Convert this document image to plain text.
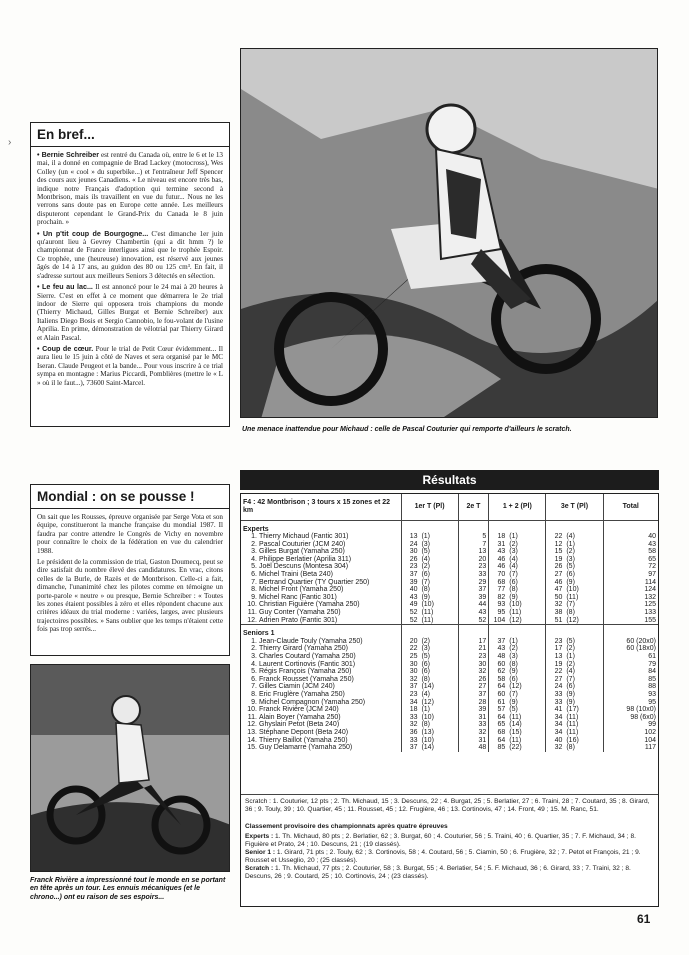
›
En bref...

• Bernie Schreiber est rentré du Canada où, entre le 6 et le 13 mai, il a donné en compagnie de Brad Lackey (motocross), Wes Colley (un « cool » du superbike...) et l'entraîneur Jeff Spencer des cours aux jeunes Canadiens. « Le niveau est encore très bas, indique notre Français d'adoption qui termine second à Montbrison, mais ils travaillent en vue du futur... Nous ne les verrons sans doute pas en Europe cette année. Les meilleurs disputeront cependant le Grand-Prix du Canada le 8 juin prochain. »

• Un p'tit coup de Bourgogne... C'est dimanche 1er juin qu'auront lieu à Gevrey Chambertin (qui a dit hmm ?) le championnat de France interligues ainsi que le trophée Espoir. Ce trophée, une (heureuse) innovation, est réservé aux jeunes âgés de 14 à 17 ans, au guidon des 80 ou 125 cm³. En fait, il s'adresse surtout aux meilleurs Seniors 3 détectés en sélection.

• Le feu au lac... Il est annoncé pour le 24 mai à 20 heures à Sierre. C'est en effet à ce moment que démarrera le 2e trial indoor de Sierre qui opposera trois champions du monde (Thierry Michaud, Gilles Burgat et Bernie Schreiber) aux Italiens Diego Bosis et Sergio Cannobio, le fou-volant de l'usine Aprilia. En prime, démonstration de vélotrial par Thierry Girard et Alain Pascal.

• Coup de cœur. Pour le trial de Petit Cœur évidemment... Il aura lieu le 15 juin à côté de Naves et sera organisé par le MC Iseran. Claude Peugeot et la bande... Pour vous inscrire à ce trial sympa en montagne : Marius Piccardi, Pomblières (mettre le « L » où il le faut...), 73600 Saint-Marcel.

Mondial : on se pousse !

On sait que les Rousses, épreuve organisée par Serge Vota et son équipe, constitueront la manche française du mondial 1987. Il faudra par contre attendre le Congrès de Vichy en novembre pour connaître le choix de la fédération en vue du calendrier 1988.

Le président de la commission de trial, Gaston Doumecq, peut se dire satisfait du nombre élevé des candidatures. En vrac, citons celles de la Burle, de Razès et de Montbrison. Celle-ci a fait, dimanche, l'unanimité chez les pilotes comme en témoigne un porte-parole « neutre » ou presque, Bernie Schreiber : « Toutes les zones étaient possibles à zéro et elles répondent chacune aux critères idéaux du trial moderne : variées, larges, avec plusieurs trajectoires possibles. » Sans oublier que les temps n'étaient cette fois pas trop serrés...

Une menace inattendue pour Michaud : celle de Pascal Couturier qui remporte d'ailleurs le scratch.
Franck Rivière a impressionné tout le monde en se portant en tête après un tour. Les ennuis mécaniques (et le chrono...) ont eu raison de ses espoirs...
Résultats
F4 : 42 Montbrison ; 3 tours x 15 zones et 22 km	1er T (Pl)	2e T	1 + 2 (Pl)	3e T (Pl)	Total
Experts					
1. Thierry Michaud (Fantic 301)	13 (1)	5	18 (1)	22 (4)	40
2. Pascal Couturier (JCM 240)	24 (3)	7	31 (2)	12 (1)	43
3. Gilles Burgat (Yamaha 250)	30 (5)	13	43 (3)	15 (2)	58
4. Philippe Berlatier (Aprilia 311)	26 (4)	20	46 (4)	19 (3)	65
5. Joël Descuns (Montesa 304)	23 (2)	23	46 (4)	26 (5)	72
6. Michel Traini (Beta 240)	37 (6)	33	70 (7)	27 (6)	97
7. Bertrand Quartier (TY Quartier 250)	39 (7)	29	68 (6)	46 (9)	114
8. Michel Front (Yamaha 250)	40 (8)	37	77 (8)	47 (10)	124
9. Michel Ranc (Fantic 301)	43 (9)	39	82 (9)	50 (11)	132
10. Christian Figuière (Yamaha 250)	49 (10)	44	93 (10)	32 (7)	125
11. Guy Conter (Yamaha 250)	52 (11)	43	95 (11)	38 (8)	133
12. Adrien Prato (Fantic 301)	52 (11)	52	104 (12)	51 (12)	155

Seniors 1					
1. Jean-Claude Touly (Yamaha 250)	20 (2)	17	37 (1)	23 (5)	60 (20x0)
2. Thierry Girard (Yamaha 250)	22 (3)	21	43 (2)	17 (2)	60 (18x0)
3. Charles Coutard (Yamaha 250)	25 (5)	23	48 (3)	13 (1)	61
4. Laurent Cortinovis (Fantic 301)	30 (6)	30	60 (8)	19 (2)	79
5. Régis François (Yamaha 250)	30 (6)	32	62 (9)	22 (4)	84
6. Franck Rousset (Yamaha 250)	32 (8)	26	58 (6)	27 (7)	85
7. Gilles Ciamin (JCM 240)	37 (14)	27	64 (12)	24 (6)	88
8. Eric Fruglère (Yamaha 250)	23 (4)	37	60 (7)	33 (9)	93
9. Michel Compagnon (Yamaha 250)	34 (12)	28	61 (9)	33 (9)	95
10. Franck Rivière (JCM 240)	18 (1)	39	57 (5)	41 (17)	98 (10x0)
11. Alain Boyer (Yamaha 250)	33 (10)	31	64 (11)	34 (11)	98 (6x0)
12. Ghyslain Petot (Beta 240)	32 (8)	33	65 (14)	34 (11)	99
13. Stéphane Depont (Beta 240)	36 (13)	32	68 (15)	34 (11)	102
14. Thierry Baillot (Yamaha 250)	33 (10)	31	64 (11)	40 (16)	104
15. Guy Delamarre (Yamaha 250)	37 (14)	48	85 (22)	32 (8)	117
Scratch : 1. Couturier, 12 pts ; 2. Th. Michaud, 15 ; 3. Descuns, 22 ; 4. Burgat, 25 ; 5. Berlatier, 27 ; 6. Traini, 28 ; 7. Coutard, 35 ; 8. Girard, 36 ; 9. Touly, 39 ; 10. Quartier, 45 ; 11. Rousset, 45 ; 12. Frugière, 46 ; 13. Cortinovis, 47 ; 14. Front, 49 ; 15. M. Ranc, 51.
Classement provisoire des championnats après quatre épreuves
Experts : 1. Th. Michaud, 80 pts ; 2. Berlatier, 62 ; 3. Burgat, 60 ; 4. Couturier, 56 ; 5. Traini, 40 ; 6. Quartier, 35 ; 7. F. Michaud, 34 ; 8. Figuière et Prato, 24 ; 10. Descuns, 21 ; (19 classés).
Senior 1 : 1. Girard, 71 pts ; 2. Touly, 62 ; 3. Cortinovis, 58 ; 4. Coutard, 56 ; 5. Ciamin, 50 ; 6. Frugière, 32 ; 7. Petot et François, 21 ; 9. Rousset et Usseglio, 20 ; (25 classés).
Scratch : 1. Th. Michaud, 77 pts ; 2. Couturier, 58 ; 3. Burgat, 55 ; 4. Berlatier, 54 ; 5. F. Michaud, 36 ; 6. Girard, 33 ; 7. Traini, 32 ; 8. Descuns, 26 ; 9. Coutard, 25 ; 10. Cortinovis, 24 ; (23 classés).
61
